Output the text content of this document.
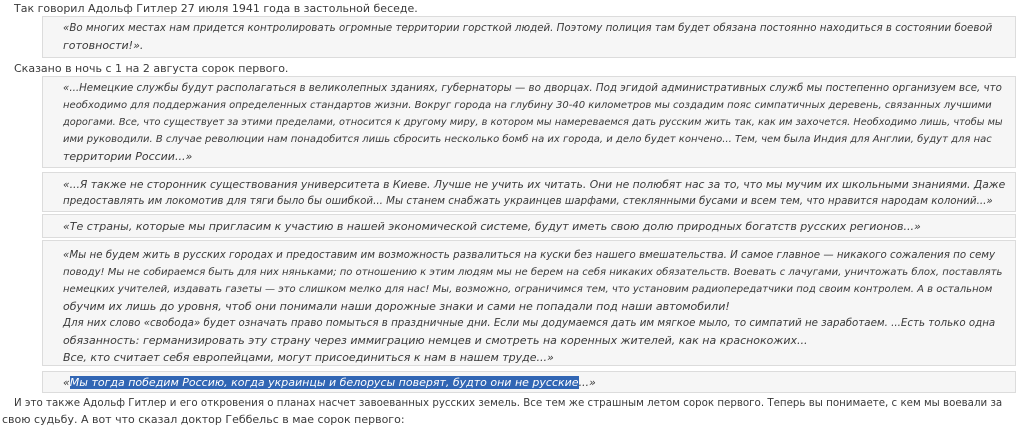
Так говорил Адольф Гитлер 27 июля 1941 года в застольной беседе.
«Во многих местах нам придется контролировать огромные территории горсткой людей. Поэтому полиция там будет обязана постоянно находиться в состоянии боевой
готовности!».
Сказано в ночь с 1 на 2 августа сорок первого.
«...Немецкие службы будут располагаться в великолепных зданиях, губернаторы — во дворцах. Под эгидой административных служб мы постепенно организуем все, что
необходимо для поддержания определенных стандартов жизни. Вокруг города на глубину 30-40 километров мы создадим пояс симпатичных деревень, связанных лучшими
дорогами. Все, что существует за этими пределами, относится к другому миру, в котором мы намереваемся дать русским жить так, как им захочется. Необходимо лишь, чтобы мы
ими руководили. В случае революции нам понадобится лишь сбросить несколько бомб на их города, и дело будет кончено... Тем, чем была Индия для Англии, будут для нас
территории России...»
«...Я также не сторонник существования университета в Киеве. Лучше не учить их читать. Они не полюбят нас за то, что мы мучим их школьными знаниями. Даже
предоставлять им локомотив для тяги было бы ошибкой... Мы станем снабжать украинцев шарфами, стеклянными бусами и всем тем, что нравится народам колоний...»
«Те страны, которые мы пригласим к участию в нашей экономической системе, будут иметь свою долю природных богатств русских регионов...»
«Мы не будем жить в русских городах и предоставим им возможность развалиться на куски без нашего вмешательства. И самое главное — никакого сожаления по сему
поводу! Мы не собираемся быть для них няньками; по отношению к этим людям мы не берем на себя никаких обязательств. Воевать с лачугами, уничтожать блох, поставлять
немецких учителей, издавать газеты — это слишком мелко для нас! Мы, возможно, ограничимся тем, что установим радиопередатчики под своим контролем. А в остальном
обучим их лишь до уровня, чтоб они понимали наши дорожные знаки и сами не попадали под наши автомобили!
Для них слово «свобода» будет означать право помыться в праздничные дни. Если мы додумаемся дать им мягкое мыло, то симпатий не заработаем. ...Есть только одна
обязанность: германизировать эту страну через иммиграцию немцев и смотреть на коренных жителей, как на краснокожих...
Все, кто считает себя европейцами, могут присоединиться к нам в нашем труде...»
«Мы тогда победим Россию, когда украинцы и белорусы поверят, будто они не русские...»
И это также Адольф Гитлер и его откровения о планах насчет завоеванных русских земель. Все тем же страшным летом сорок первого. Теперь вы понимаете, с кем мы воевали за
свою судьбу. А вот что сказал доктор Геббельс в мае сорок первого:
